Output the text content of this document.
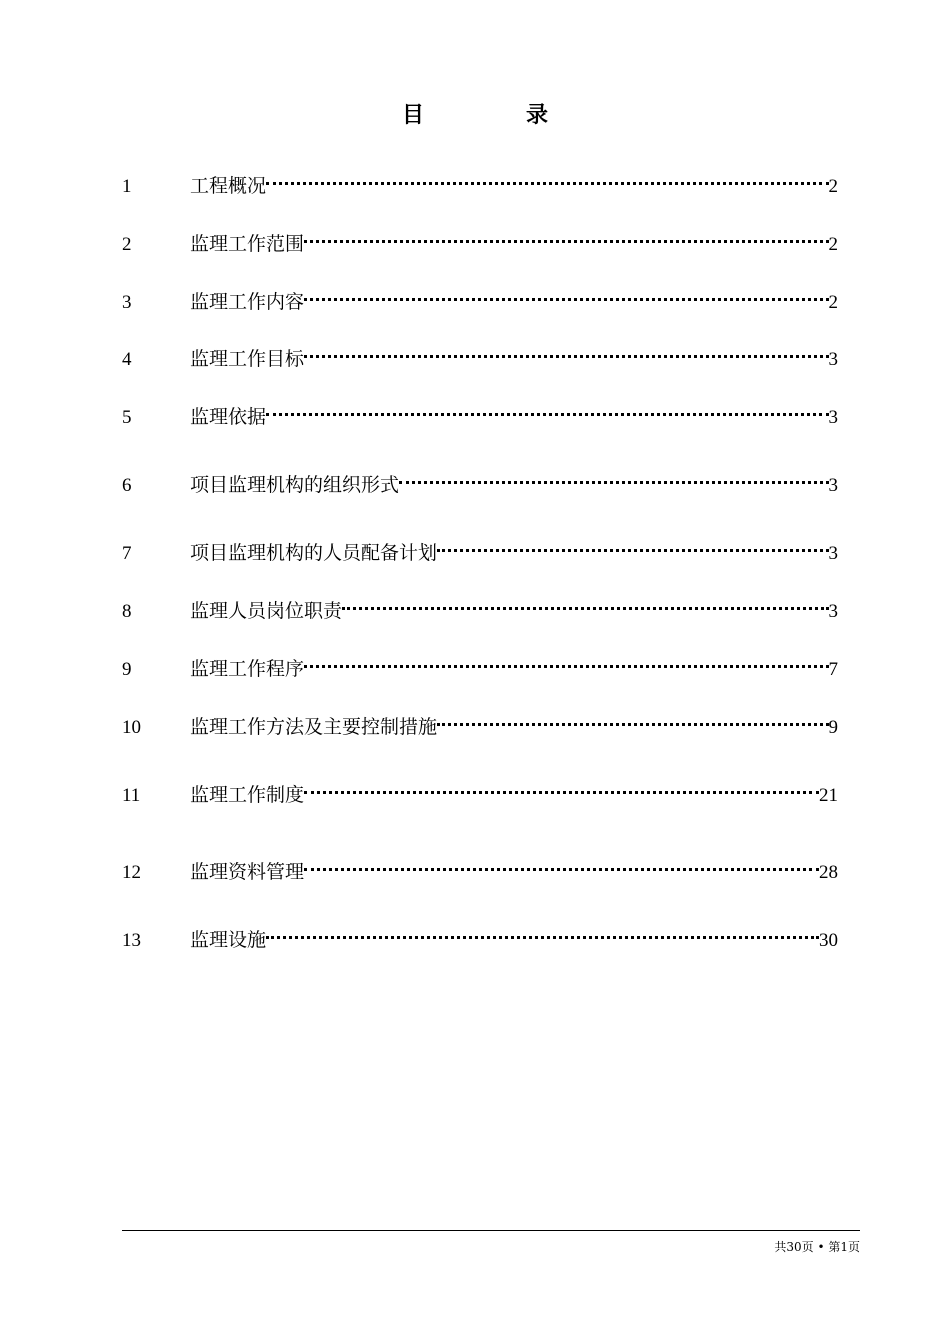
目　录
1	工程概况	2
2	监理工作范围	2
3	监理工作内容	2
4	监理工作目标	3
5	监理依据	3
6	项目监理机构的组织形式	3
7	项目监理机构的人员配备计划	3
8	监理人员岗位职责	3
9	监理工作程序	7
10	监理工作方法及主要控制措施	9
11	监理工作制度	21
12	监理资料管理	28
13	监理设施	30
共30页 • 第1页
